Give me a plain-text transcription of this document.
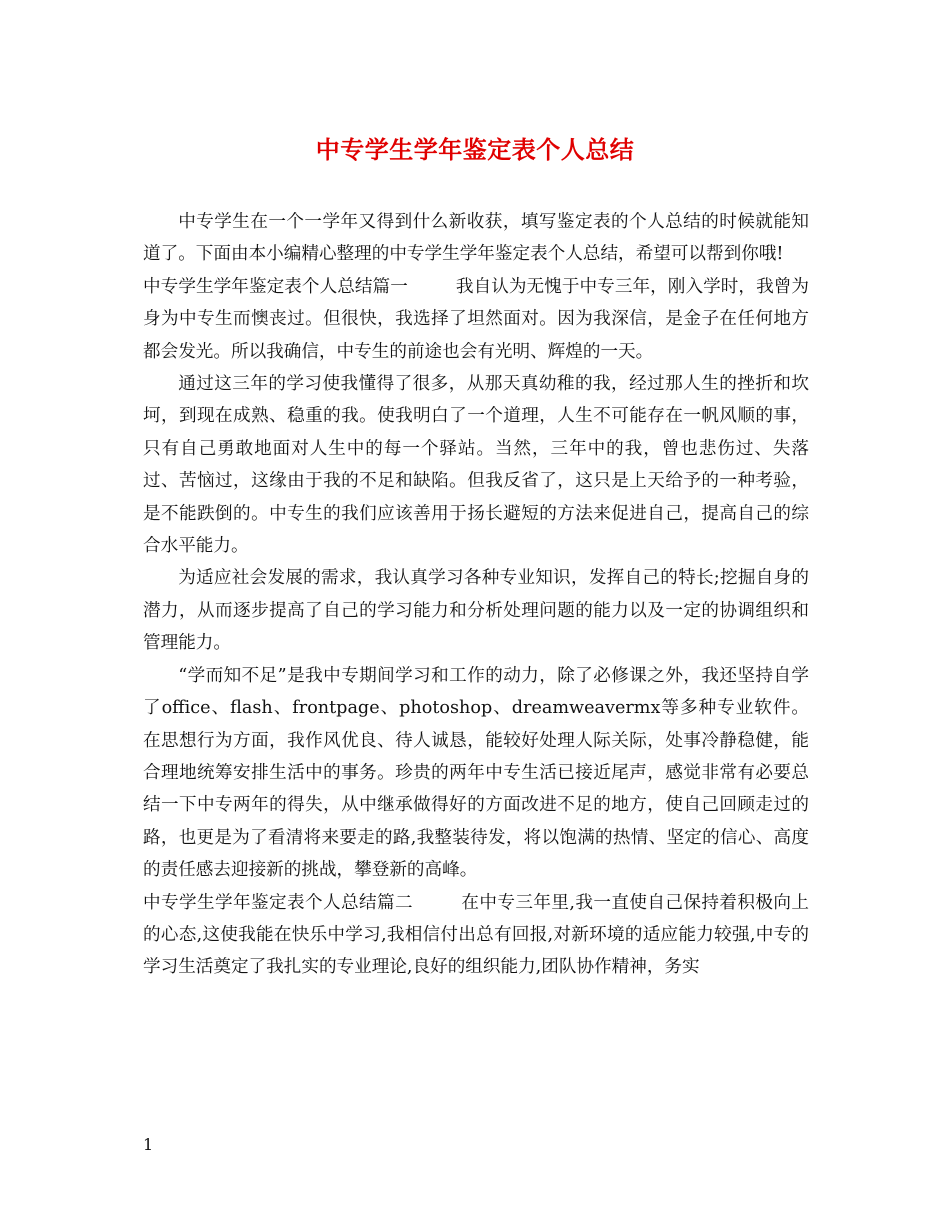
中专学生学年鉴定表个人总结

中专学生在一个一学年又得到什么新收获，填写鉴定表的个人总结的时候就能知道了。下面由本小编精心整理的中专学生学年鉴定表个人总结，希望可以帮到你哦!

中专学生学年鉴定表个人总结篇一	我自认为无愧于中专三年，刚入学时，我曾为身为中专生而懊丧过。但很快，我选择了坦然面对。因为我深信，是金子在任何地方都会发光。所以我确信，中专生的前途也会有光明、辉煌的一天。

通过这三年的学习使我懂得了很多，从那天真幼稚的我，经过那人生的挫折和坎坷，到现在成熟、稳重的我。使我明白了一个道理，人生不可能存在一帆风顺的事，只有自己勇敢地面对人生中的每一个驿站。当然，三年中的我，曾也悲伤过、失落过、苦恼过，这缘由于我的不足和缺陷。但我反省了，这只是上天给予的一种考验，是不能跌倒的。中专生的我们应该善用于扬长避短的方法来促进自己，提高自己的综合水平能力。

为适应社会发展的需求，我认真学习各种专业知识，发挥自己的特长;挖掘自身的潜力，从而逐步提高了自己的学习能力和分析处理问题的能力以及一定的协调组织和管理能力。

“学而知不足”是我中专期间学习和工作的动力，除了必修课之外，我还坚持自学了office、flash、frontpage、photoshop、dreamweavermx等多种专业软件。在思想行为方面，我作风优良、待人诚恳，能较好处理人际关际，处事冷静稳健，能合理地统筹安排生活中的事务。珍贵的两年中专生活已接近尾声，感觉非常有必要总结一下中专两年的得失，从中继承做得好的方面改进不足的地方，使自己回顾走过的路，也更是为了看清将来要走的路,我整装待发，将以饱满的热情、坚定的信心、高度的责任感去迎接新的挑战，攀登新的高峰。

中专学生学年鉴定表个人总结篇二	在中专三年里,我一直使自己保持着积极向上的心态,这使我能在快乐中学习,我相信付出总有回报,对新环境的适应能力较强,中专的学习生活奠定了我扎实的专业理论,良好的组织能力,团队协作精神，务实

1
